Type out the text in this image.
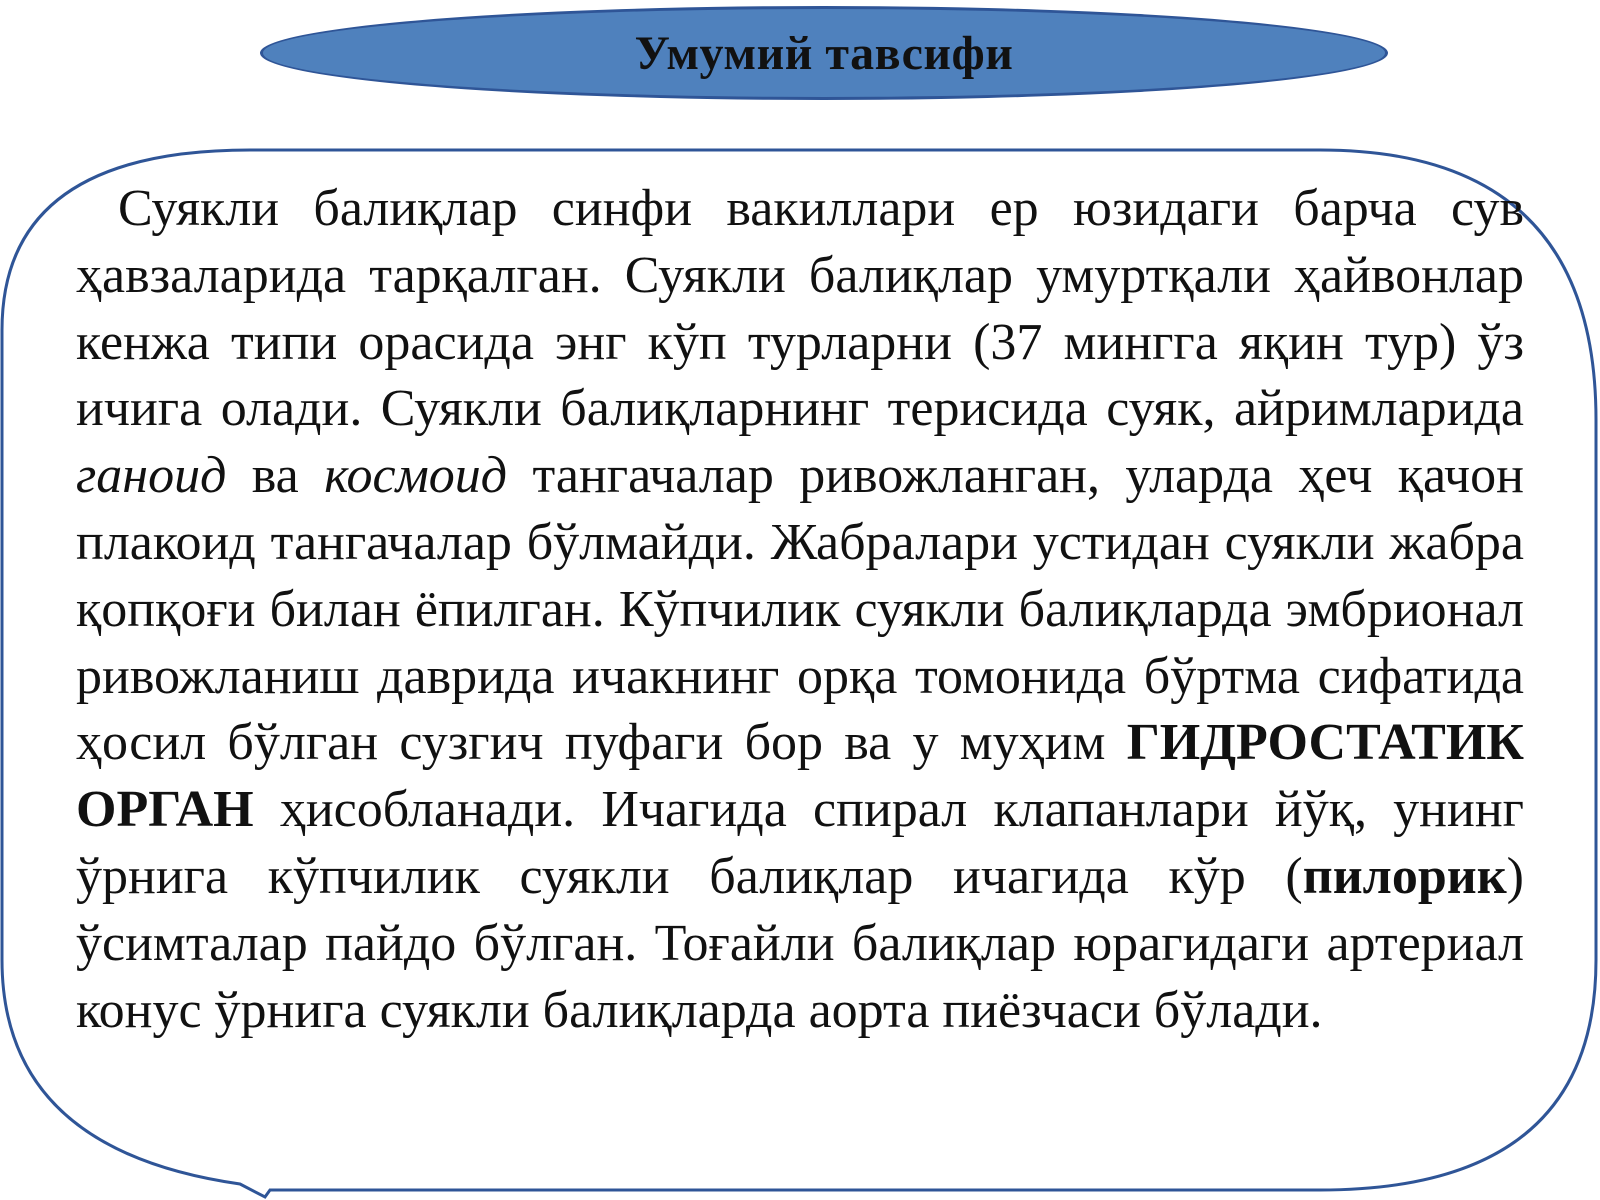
Умумий тавсифи

Суякли балиқлар синфи вакиллари ер юзидаги барча сув ҳавзаларида тарқалган. Суякли балиқлар умуртқали ҳайвонлар кенжа типи орасида энг кўп турларни (37 мингга яқин тур) ўз ичига олади. Суякли балиқларнинг терисида суяк, айримларида ганоид ва космоид тангачалар ривожланган, уларда ҳеч қачон плакоид тангачалар бўлмайди. Жабралари устидан суякли жабра қопқоғи билан ёпилган. Кўпчилик суякли балиқларда эмбрионал ривожланиш даврида ичакнинг орқа томонида бўртма сифатида ҳосил бўлган сузгич пуфаги бор ва у муҳим ГИДРОСТАТИК ОРГАН ҳисобланади. Ичагида спирал клапанлари йўқ, унинг ўрнига кўпчилик суякли балиқлар ичагида кўр (пилорик) ўсимталар пайдо бўлган. Тоғайли балиқлар юрагидаги артериал конус ўрнига суякли балиқларда аорта пиёзчаси бўлади.
